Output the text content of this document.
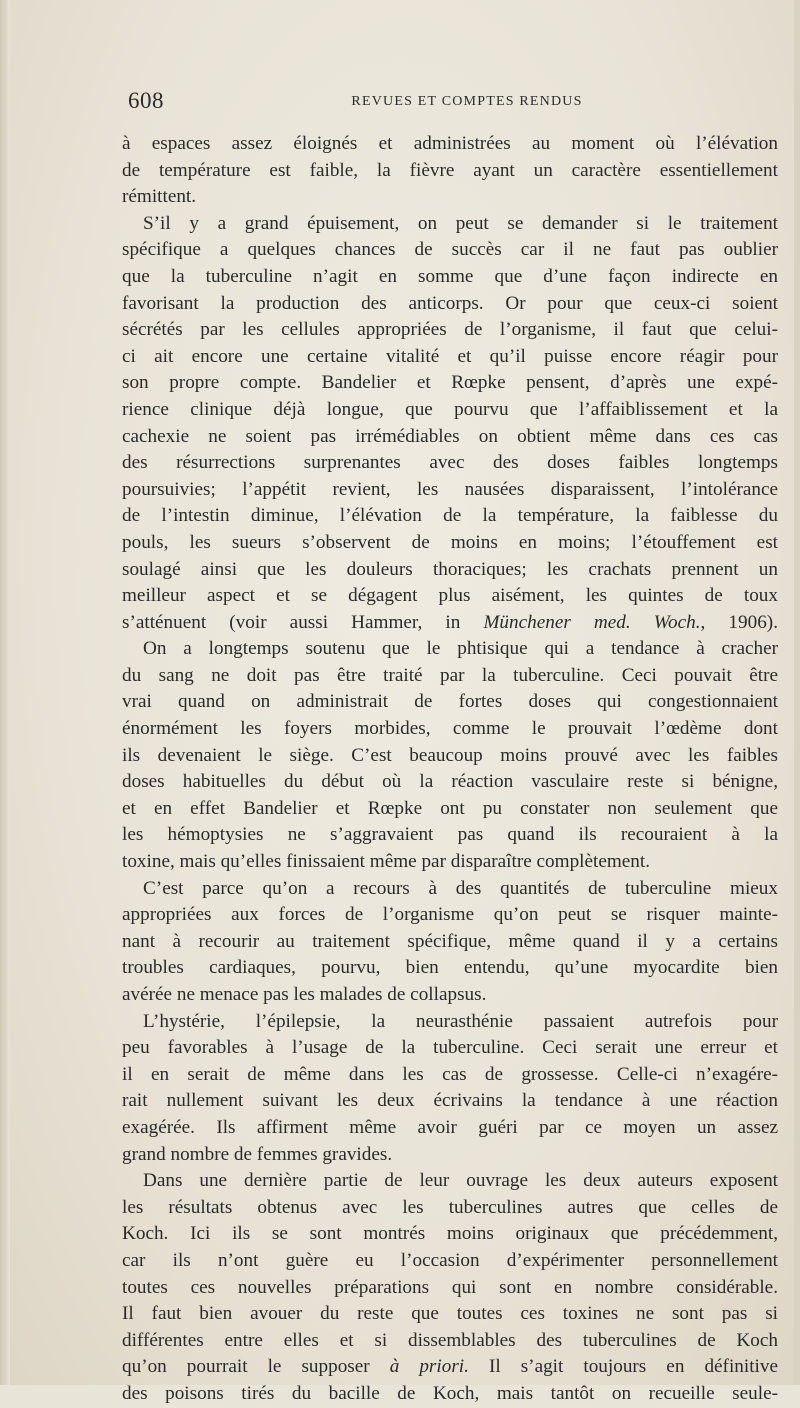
608	REVUES ET COMPTES RENDUS
à espaces assez éloignés et administrées au moment où l’élévation
de température est faible, la fièvre ayant un caractère essentiellement
rémittent.
S’il y a grand épuisement, on peut se demander si le traitement
spécifique a quelques chances de succès car il ne faut pas oublier
que la tuberculine n’agit en somme que d’une façon indirecte en
favorisant la production des anticorps. Or pour que ceux-ci soient
sécrétés par les cellules appropriées de l’organisme, il faut que celui-
ci ait encore une certaine vitalité et qu’il puisse encore réagir pour
son propre compte. Bandelier et Rœpke pensent, d’après une expé-
rience clinique déjà longue, que pourvu que l’affaiblissement et la
cachexie ne soient pas irrémédiables on obtient même dans ces cas
des résurrections surprenantes avec des doses faibles longtemps
poursuivies; l’appétit revient, les nausées disparaissent, l’intolérance
de l’intestin diminue, l’élévation de la température, la faiblesse du
pouls, les sueurs s’observent de moins en moins; l’étouffement est
soulagé ainsi que les douleurs thoraciques; les crachats prennent un
meilleur aspect et se dégagent plus aisément, les quintes de toux
s’atténuent (voir aussi Hammer, in Münchener med. Woch., 1906).
On a longtemps soutenu que le phtisique qui a tendance à cracher
du sang ne doit pas être traité par la tuberculine. Ceci pouvait être
vrai quand on administrait de fortes doses qui congestionnaient
énormément les foyers morbides, comme le prouvait l’œdème dont
ils devenaient le siège. C’est beaucoup moins prouvé avec les faibles
doses habituelles du début où la réaction vasculaire reste si bénigne,
et en effet Bandelier et Rœpke ont pu constater non seulement que
les hémoptysies ne s’aggravaient pas quand ils recouraient à la
toxine, mais qu’elles finissaient même par disparaître complètement.
C’est parce qu’on a recours à des quantités de tuberculine mieux
appropriées aux forces de l’organisme qu’on peut se risquer mainte-
nant à recourir au traitement spécifique, même quand il y a certains
troubles cardiaques, pourvu, bien entendu, qu’une myocardite bien
avérée ne menace pas les malades de collapsus.
L’hystérie, l’épilepsie, la neurasthénie passaient autrefois pour
peu favorables à l’usage de la tuberculine. Ceci serait une erreur et
il en serait de même dans les cas de grossesse. Celle-ci n’exagére-
rait nullement suivant les deux écrivains la tendance à une réaction
exagérée. Ils affirment même avoir guéri par ce moyen un assez
grand nombre de femmes gravides.
Dans une dernière partie de leur ouvrage les deux auteurs exposent
les résultats obtenus avec les tuberculines autres que celles de
Koch. Ici ils se sont montrés moins originaux que précédemment,
car ils n’ont guère eu l’occasion d’expérimenter personnellement
toutes ces nouvelles préparations qui sont en nombre considérable.
Il faut bien avouer du reste que toutes ces toxines ne sont pas si
différentes entre elles et si dissemblables des tuberculines de Koch
qu’on pourrait le supposer à priori. Il s’agit toujours en définitive
des poisons tirés du bacille de Koch, mais tantôt on recueille seule-
